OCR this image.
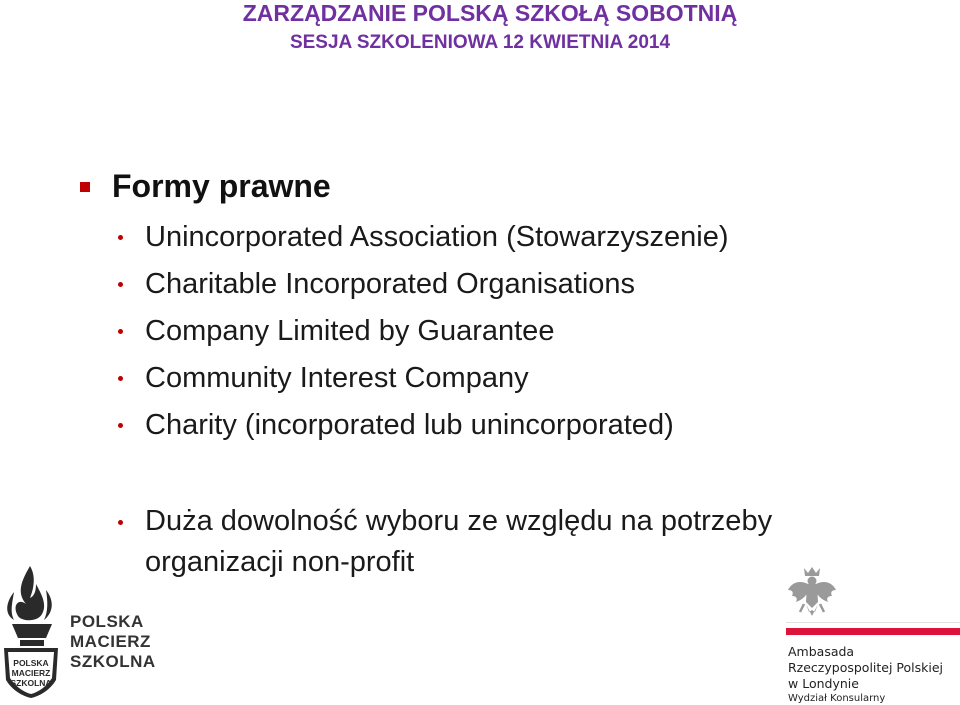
ZARZĄDZANIE POLSKĄ SZKOŁĄ SOBOTNIĄ
SESJA SZKOLENIOWA 12 KWIETNIA 2014
Formy prawne
Unincorporated Association (Stowarzyszenie)
Charitable Incorporated Organisations
Company Limited by Guarantee
Community Interest Company
Charity (incorporated lub unincorporated)
Duża dowolność wyboru ze względu na potrzeby
organizacji non-profit
POLSKA
MACIERZ
SZKOLNA
POLSKA
MACIERZ
SZKOLNA
Ambasada
Rzeczypospolitej Polskiej
w Londynie
Wydział Konsularny
